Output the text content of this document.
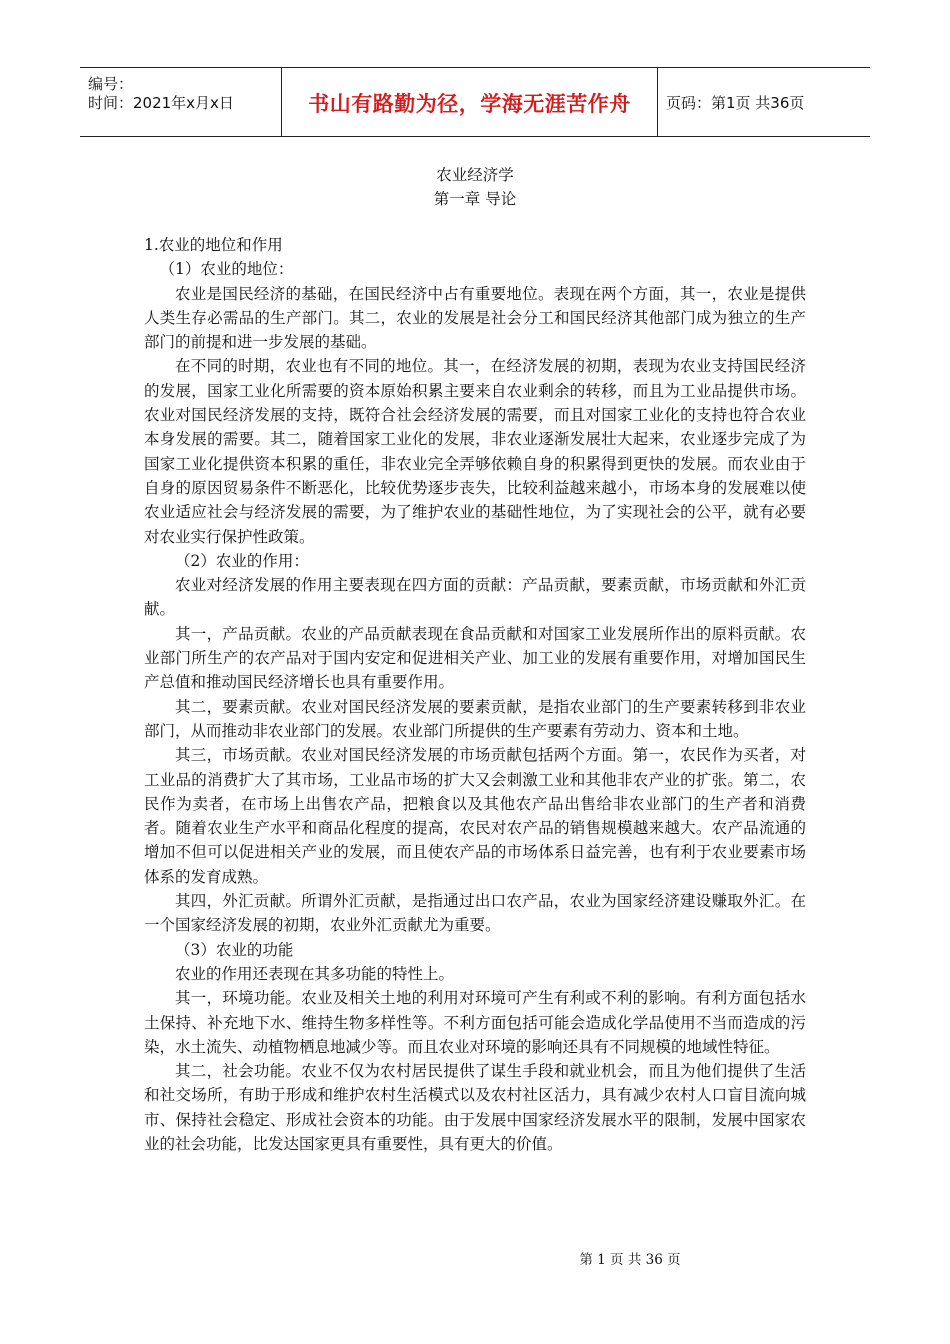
编号：
时间：2021年x月x日	书山有路勤为径，学海无涯苦作舟	页码：第1页 共36页
农业经济学
第一章 导论

1.农业的地位和作用

（1）农业的地位：

农业是国民经济的基础，在国民经济中占有重要地位。表现在两个方面，其一，农业是提供人类生存必需品的生产部门。其二，农业的发展是社会分工和国民经济其他部门成为独立的生产部门的前提和进一步发展的基础。

在不同的时期，农业也有不同的地位。其一，在经济发展的初期，表现为农业支持国民经济的发展，国家工业化所需要的资本原始积累主要来自农业剩余的转移，而且为工业品提供市场。农业对国民经济发展的支持，既符合社会经济发展的需要，而且对国家工业化的支持也符合农业本身发展的需要。其二，随着国家工业化的发展，非农业逐渐发展壮大起来，农业逐步完成了为国家工业化提供资本积累的重任，非农业完全弄够依赖自身的积累得到更快的发展。而农业由于自身的原因贸易条件不断恶化，比较优势逐步丧失，比较利益越来越小，市场本身的发展难以使农业适应社会与经济发展的需要，为了维护农业的基础性地位，为了实现社会的公平，就有必要对农业实行保护性政策。

（2）农业的作用：

农业对经济发展的作用主要表现在四方面的贡献：产品贡献，要素贡献，市场贡献和外汇贡献。

其一，产品贡献。农业的产品贡献表现在食品贡献和对国家工业发展所作出的原料贡献。农业部门所生产的农产品对于国内安定和促进相关产业、加工业的发展有重要作用，对增加国民生产总值和推动国民经济增长也具有重要作用。

其二，要素贡献。农业对国民经济发展的要素贡献，是指农业部门的生产要素转移到非农业部门，从而推动非农业部门的发展。农业部门所提供的生产要素有劳动力、资本和土地。

其三，市场贡献。农业对国民经济发展的市场贡献包括两个方面。第一，农民作为买者，对工业品的消费扩大了其市场，工业品市场的扩大又会刺激工业和其他非农产业的扩张。第二，农民作为卖者，在市场上出售农产品，把粮食以及其他农产品出售给非农业部门的生产者和消费者。随着农业生产水平和商品化程度的提高，农民对农产品的销售规模越来越大。农产品流通的增加不但可以促进相关产业的发展，而且使农产品的市场体系日益完善，也有利于农业要素市场体系的发育成熟。

其四，外汇贡献。所谓外汇贡献，是指通过出口农产品，农业为国家经济建设赚取外汇。在一个国家经济发展的初期，农业外汇贡献尤为重要。

（3）农业的功能

农业的作用还表现在其多功能的特性上。

其一，环境功能。农业及相关土地的利用对环境可产生有利或不利的影响。有利方面包括水土保持、补充地下水、维持生物多样性等。不利方面包括可能会造成化学品使用不当而造成的污染，水土流失、动植物栖息地减少等。而且农业对环境的影响还具有不同规模的地域性特征。

其二，社会功能。农业不仅为农村居民提供了谋生手段和就业机会，而且为他们提供了生活和社交场所，有助于形成和维护农村生活模式以及农村社区活力，具有减少农村人口盲目流向城市、保持社会稳定、形成社会资本的功能。由于发展中国家经济发展水平的限制，发展中国家农业的社会功能，比发达国家更具有重要性，具有更大的价值。

第 1 页 共 36 页
